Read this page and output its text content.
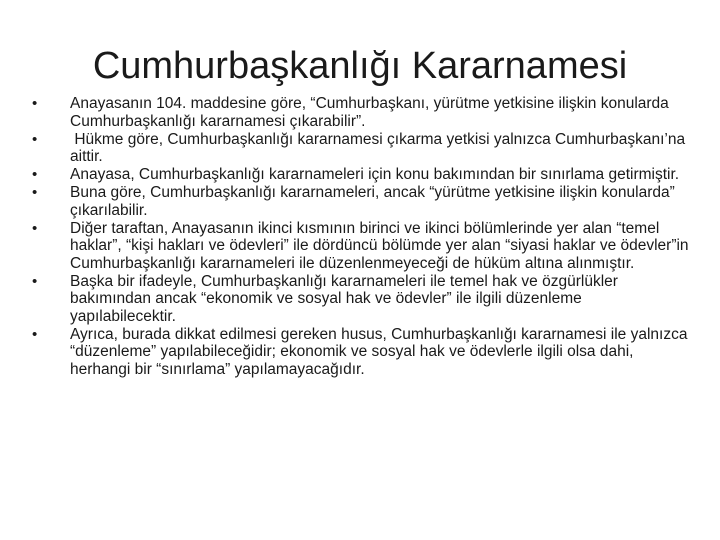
Cumhurbaşkanlığı Kararnamesi
•	Anayasanın 104. maddesine göre, “Cumhurbaşkanı, yürütme yetkisine ilişkin konularda Cumhurbaşkanlığı kararnamesi çıkarabilir”.
•	Hükme göre, Cumhurbaşkanlığı kararnamesi çıkarma yetkisi yalnızca Cumhurbaşkanı’na aittir.
•	Anayasa, Cumhurbaşkanlığı kararnameleri için konu bakımından bir sınırlama getirmiştir.
•	Buna göre, Cumhurbaşkanlığı kararnameleri, ancak “yürütme yetkisine ilişkin konularda” çıkarılabilir.
•	Diğer taraftan, Anayasanın ikinci kısmının birinci ve ikinci bölümlerinde yer alan “temel haklar”, “kişi hakları ve ödevleri” ile dördüncü bölümde yer alan “siyasi haklar ve ödevler”in Cumhurbaşkanlığı kararnameleri ile düzenlenmeyeceği de hüküm altına alınmıştır.
•	Başka bir ifadeyle, Cumhurbaşkanlığı kararnameleri ile temel hak ve özgürlükler bakımından ancak “ekonomik ve sosyal hak ve ödevler” ile ilgili düzenleme yapılabilecektir.
•	Ayrıca, burada dikkat edilmesi gereken husus, Cumhurbaşkanlığı kararnamesi ile yalnızca  “düzenleme” yapılabileceğidir; ekonomik ve sosyal hak ve ödevlerle ilgili olsa dahi, herhangi bir “sınırlama” yapılamayacağıdır.
